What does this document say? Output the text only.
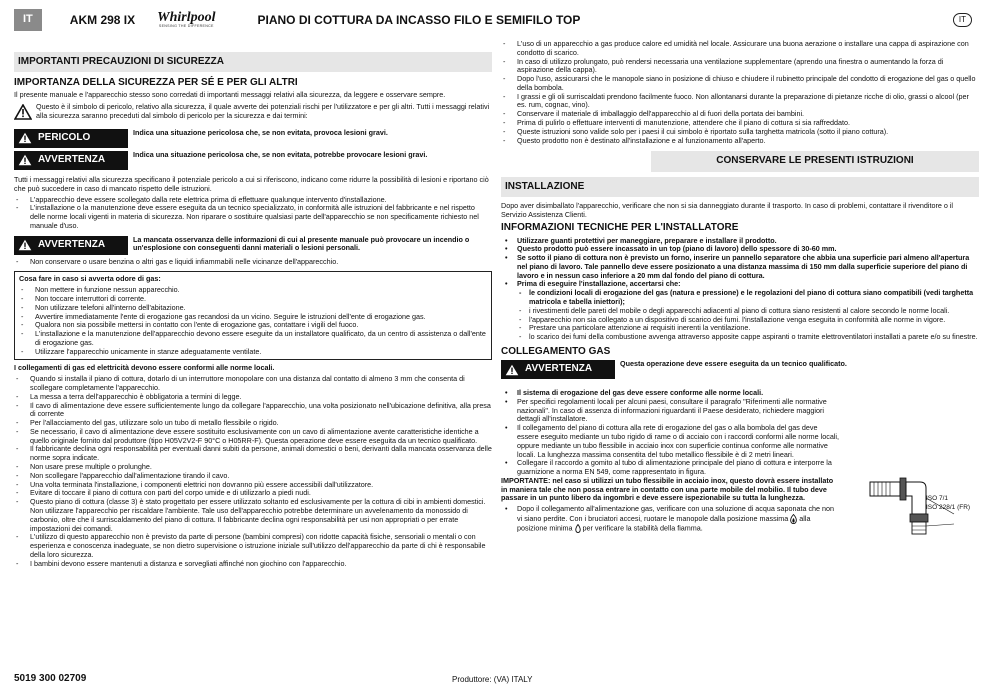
IT	AKM 298 IX Whirlpool
SENSING THE DIFFERENCE	PIANO DI COTTURA DA INCASSO FILO E SEMIFILO TOP	IT
IMPORTANTI PRECAUZIONI DI SICUREZZA
IMPORTANZA DELLA SICUREZZA PER SÉ E PER GLI ALTRI

Il presente manuale e l'apparecchio stesso sono corredati di importanti messaggi relativi alla sicurezza, da leggere e osservare sempre.

Questo è il simbolo di pericolo, relativo alla sicurezza, il quale avverte dei potenziali rischi per l'utilizzatore e per gli altri. Tutti i messaggi relativi alla sicurezza saranno preceduti dal simbolo di pericolo per la sicurezza e dai termini:
PERICOLO	Indica una situazione pericolosa che, se non evitata, provoca lesioni gravi.
AVVERTENZA	Indica una situazione pericolosa che, se non evitata, potrebbe provocare lesioni gravi.

Tutti i messaggi relativi alla sicurezza specificano il potenziale pericolo a cui si riferiscono, indicano come ridurre la possibilità di lesioni e riportano ciò che può succedere in caso di mancato rispetto delle istruzioni.

- L'apparecchio deve essere scollegato dalla rete elettrica prima di effettuare qualunque intervento d'installazione.
- L'installazione o la manutenzione deve essere eseguita da un tecnico specializzato, in conformità alle istruzioni del fabbricante e nel rispetto delle norme locali vigenti in materia di sicurezza. Non riparare o sostituire qualsiasi parte dell'apparecchio se non specificamente richiesto nel manuale d'uso.
AVVERTENZA	La mancata osservanza delle informazioni di cui al presente manuale può provocare un incendio o un'esplosione con conseguenti danni materiali o lesioni personali.
- Non conservare o usare benzina o altri gas e liquidi infiammabili nelle vicinanze dell'apparecchio.

Cosa fare in caso si avverta odore di gas:

- Non mettere in funzione nessun apparecchio.
- Non toccare interruttori di corrente.
- Non utilizzare telefoni all'interno dell'abitazione.
- Avvertire immediatamente l'ente di erogazione gas recandosi da un vicino. Seguire le istruzioni dell'ente di erogazione gas.
- Qualora non sia possibile mettersi in contatto con l'ente di erogazione gas, contattare i vigili del fuoco.
- L'installazione e la manutenzione dell'apparecchio devono essere eseguite da un installatore qualificato, da un centro di assistenza o dall'ente di erogazione gas.
- Utilizzare l'apparecchio unicamente in stanze adeguatamente ventilate.

I collegamenti di gas ed elettricità devono essere conformi alle norme locali.

- Quando si installa il piano di cottura, dotarlo di un interruttore monopolare con una distanza dal contatto di almeno 3 mm che consenta di scollegare completamente l'apparecchio.
- La messa a terra dell'apparecchio è obbligatoria a termini di legge.
- Il cavo di alimentazione deve essere sufficientemente lungo da collegare l'apparecchio, una volta posizionato nell'ubicazione definitiva, alla presa di corrente
- Per l'allacciamento del gas, utilizzare solo un tubo di metallo flessibile o rigido.
- Se necessario, il cavo di alimentazione deve essere sostituito esclusivamente con un cavo di alimentazione avente caratteristiche identiche a quello originale fornito dal produttore (tipo H05V2V2-F 90°C o H05RR-F). Questa operazione deve essere eseguita da un tecnico qualificato.
- Il fabbricante declina ogni responsabilità per eventuali danni subiti da persone, animali domestici o beni, derivanti dalla mancata osservanza delle norme sopra indicate.
- Non usare prese multiple o prolunghe.
- Non scollegare l'apparecchio dall'alimentazione tirando il cavo.
- Una volta terminata l'installazione, i componenti elettrici non dovranno più essere accessibili dall'utilizzatore.
- Evitare di toccare il piano di cottura con parti del corpo umide e di utilizzarlo a piedi nudi.
- Questo piano di cottura (classe 3) è stato progettato per essere utilizzato soltanto ed esclusivamente per la cottura di cibi in ambienti domestici. Non utilizzare l'apparecchio per riscaldare l'ambiente. Tale uso dell'apparecchio potrebbe determinare un avvelenamento da monossido di carbonio, oltre che il surriscaldamento del piano di cottura. Il fabbricante declina ogni responsabilità per usi non appropriati o per errate impostazioni dei comandi.
- L'utilizzo di questo apparecchio non è previsto da parte di persone (bambini compresi) con ridotte capacità fisiche, sensoriali o mentali o con esperienza e conoscenza inadeguate, se non dietro supervisione o istruzione iniziale sull'utilizzo dell'apparecchio da parte di chi è responsabile della loro sicurezza.
- I bambini devono essere mantenuti a distanza e sorvegliati affinché non giochino con l'apparecchio.
- L'uso di un apparecchio a gas produce calore ed umidità nel locale. Assicurare una buona aerazione o installare una cappa di aspirazione con condotto di scarico.
- In caso di utilizzo prolungato, può rendersi necessaria una ventilazione supplementare (aprendo una finestra o aumentando la forza di aspirazione della cappa).
- Dopo l'uso, assicurarsi che le manopole siano in posizione di chiuso e chiudere il rubinetto principale del condotto di erogazione del gas o quello della bombola.
- I grassi e gli oli surriscaldati prendono facilmente fuoco. Non allontanarsi durante la preparazione di pietanze ricche di olio, grassi o alcool (per es. rum, cognac, vino).
- Conservare il materiale di imballaggio dell'apparecchio al di fuori della portata dei bambini.
- Prima di pulirlo o effettuare interventi di manutenzione, attendere che il piano di cottura si sia raffreddato.
- Queste istruzioni sono valide solo per i paesi il cui simbolo è riportato sulla targhetta matricola (sotto il piano cottura).
- Questo prodotto non è destinato all'installazione e al funzionamento all'aperto.
CONSERVARE LE PRESENTI ISTRUZIONI
INSTALLAZIONE

Dopo aver disimballato l'apparecchio, verificare che non si sia danneggiato durante il trasporto. In caso di problemi, contattare il rivenditore o il Servizio Assistenza Clienti.

INFORMAZIONI TECNICHE PER L'INSTALLATORE
• Utilizzare guanti protettivi per maneggiare, preparare e installare il prodotto.
• Questo prodotto può essere incassato in un top (piano di lavoro) dello spessore di 30-60 mm.
• Se sotto il piano di cottura non è previsto un forno, inserire un pannello separatore che abbia una superficie pari almeno all'apertura nel piano di lavoro. Tale pannello deve essere posizionato a una distanza massima di 150 mm dalla superficie superiore del piano di lavoro e in nessun caso inferiore a 20 mm dal fondo del piano di cottura.
• Prima di eseguire l'installazione, accertarsi che:
- le condizioni locali di erogazione del gas (natura e pressione) e le regolazioni del piano di cottura siano compatibili (vedi targhetta matricola e tabella iniettori);
- i rivestimenti delle pareti del mobile o degli apparecchi adiacenti al piano di cottura siano resistenti al calore secondo le norme locali.
- l'apparecchio non sia collegato a un dispositivo di scarico dei fumi. l'installazione venga eseguita in conformità alle norme in vigore.
- Prestare una particolare attenzione ai requisiti inerenti la ventilazione.
- lo scarico dei fumi della combustione avvenga attraverso apposite cappe aspiranti o tramite elettroventilatori installati a parete e/o su finestre.
COLLEGAMENTO GAS
AVVERTENZA	Questa operazione deve essere eseguita da un tecnico qualificato.
• Il sistema di erogazione del gas deve essere conforme alle norme locali.
• Per specifici regolamenti locali per alcuni paesi, consultare il paragrafo "Riferimenti alle normative nazionali". In caso di assenza di informazioni riguardanti il Paese desiderato, richiedere maggiori dettagli all'installatore.
• Il collegamento del piano di cottura alla rete di erogazione del gas o alla bombola del gas deve essere eseguito mediante un tubo rigido di rame o di acciaio con i raccordi conformi alle norme locali, oppure mediante un tubo flessibile in acciaio inox con superficie continua conforme alle normative locali. La lunghezza massima consentita del tubo metallico flessibile è di 2 metri lineari.
• Collegare il raccordo a gomito al tubo di alimentazione principale del piano di cottura e interporre la guarnizione a norma EN 549, come rappresentato in figura.

IMPORTANTE: nel caso si utilizzi un tubo flessibile in acciaio inox, questo dovrà essere installato in maniera tale che non possa entrare in contatto con una parte mobile del mobilio. Il tubo deve passare in un punto libero da ingombri e deve essere ispezionabile su tutta la lunghezza.

• Dopo il collegamento all'alimentazione gas, verificare con una soluzione di acqua saponata che non vi siano perdite. Con i bruciatori accesi, ruotare le manopole dalla posizione massima alla posizione minima per verificare la stabilità della fiamma.
ISO 7/1
ISO 228/1 (FR)
5019 300 02709	Produttore: (VA) ITALY
